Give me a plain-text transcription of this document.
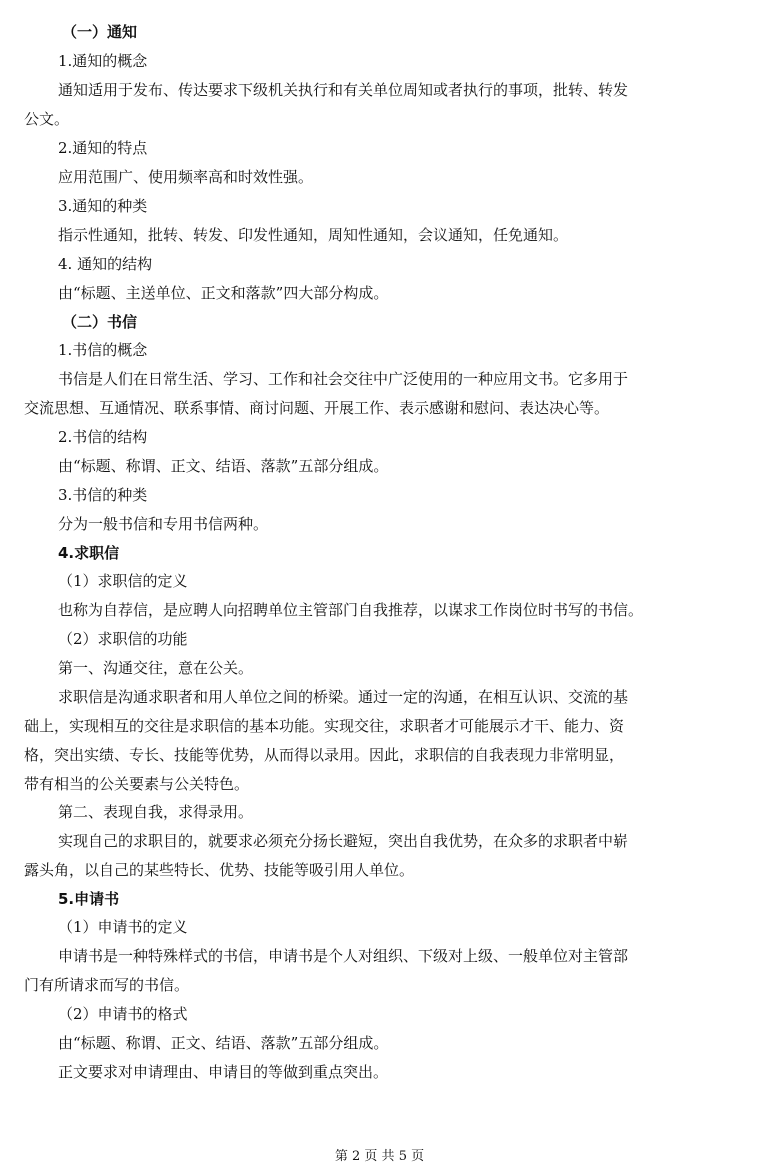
（一）通知
1.通知的概念
通知适用于发布、传达要求下级机关执行和有关单位周知或者执行的事项，批转、转发
公文。
2.通知的特点
应用范围广、使用频率高和时效性强。
3.通知的种类
指示性通知，批转、转发、印发性通知，周知性通知，会议通知，任免通知。
4. 通知的结构
由“标题、主送单位、正文和落款”四大部分构成。
（二）书信
1.书信的概念
书信是人们在日常生活、学习、工作和社会交往中广泛使用的一种应用文书。它多用于
交流思想、互通情况、联系事情、商讨问题、开展工作、表示感谢和慰问、表达决心等。
2.书信的结构
由“标题、称谓、正文、结语、落款”五部分组成。
3.书信的种类
分为一般书信和专用书信两种。
4.求职信
（1）求职信的定义
也称为自荐信，是应聘人向招聘单位主管部门自我推荐，以谋求工作岗位时书写的书信。
（2）求职信的功能
第一、沟通交往，意在公关。
求职信是沟通求职者和用人单位之间的桥梁。通过一定的沟通，在相互认识、交流的基
础上，实现相互的交往是求职信的基本功能。实现交往，求职者才可能展示才干、能力、资
格，突出实绩、专长、技能等优势，从而得以录用。因此，求职信的自我表现力非常明显，
带有相当的公关要素与公关特色。
第二、表现自我，求得录用。
实现自己的求职目的，就要求必须充分扬长避短，突出自我优势，在众多的求职者中崭
露头角，以自己的某些特长、优势、技能等吸引用人单位。
5.申请书
（1）申请书的定义
申请书是一种特殊样式的书信，申请书是个人对组织、下级对上级、一般单位对主管部
门有所请求而写的书信。
（2）申请书的格式
由“标题、称谓、正文、结语、落款”五部分组成。
正文要求对申请理由、申请目的等做到重点突出。
第 2 页 共 5 页
